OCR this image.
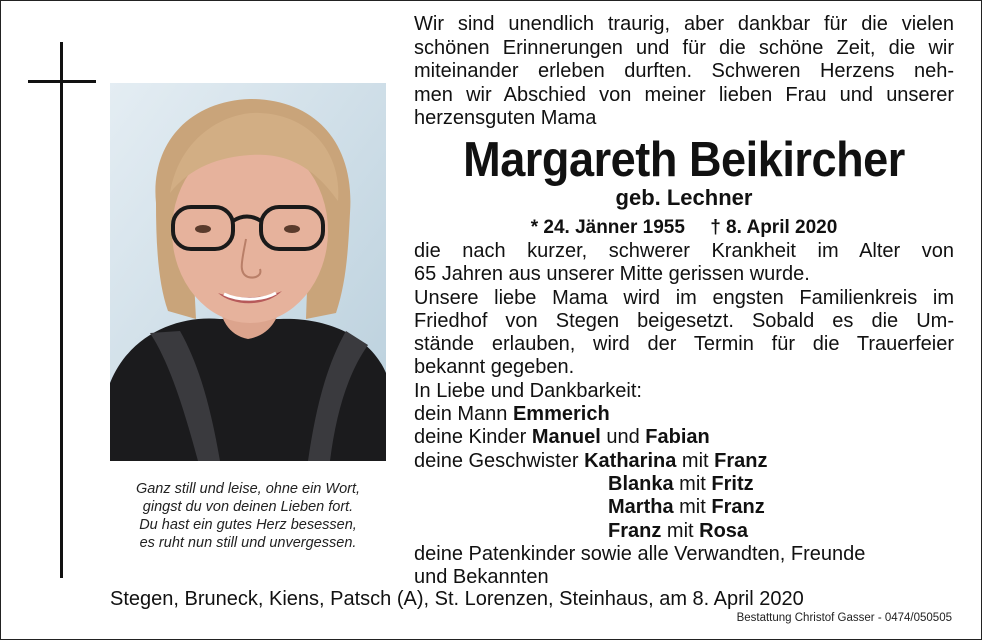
Ganz still und leise, ohne ein Wort,
gingst du von deinen Lieben fort.
Du hast ein gutes Herz besessen,
es ruht nun still und unvergessen.
Wir sind unendlich traurig, aber dankbar für die vielen
schönen Erinnerungen und für die schöne Zeit, die wir
miteinander erleben durften. Schweren Herzens neh-
men wir Abschied von meiner lieben Frau und unserer
herzensguten Mama
Margareth Beikircher
geb. Lechner
* 24. Jänner 1955 † 8. April 2020
die nach kurzer, schwerer Krankheit im Alter von
65 Jahren aus unserer Mitte gerissen wurde.
Unsere liebe Mama wird im engsten Familienkreis im
Friedhof von Stegen beigesetzt. Sobald es die Um-
stände erlauben, wird der Termin für die Trauerfeier
bekannt gegeben.
In Liebe und Dankbarkeit:
dein Mann Emmerich
deine Kinder Manuel und Fabian
deine Geschwister Katharina mit Franz
Blanka mit Fritz
Martha mit Franz
Franz mit Rosa
deine Patenkinder sowie alle Verwandten, Freunde
und Bekannten
Stegen, Bruneck, Kiens, Patsch (A), St. Lorenzen, Steinhaus, am 8. April 2020
Bestattung Christof Gasser - 0474/050505
